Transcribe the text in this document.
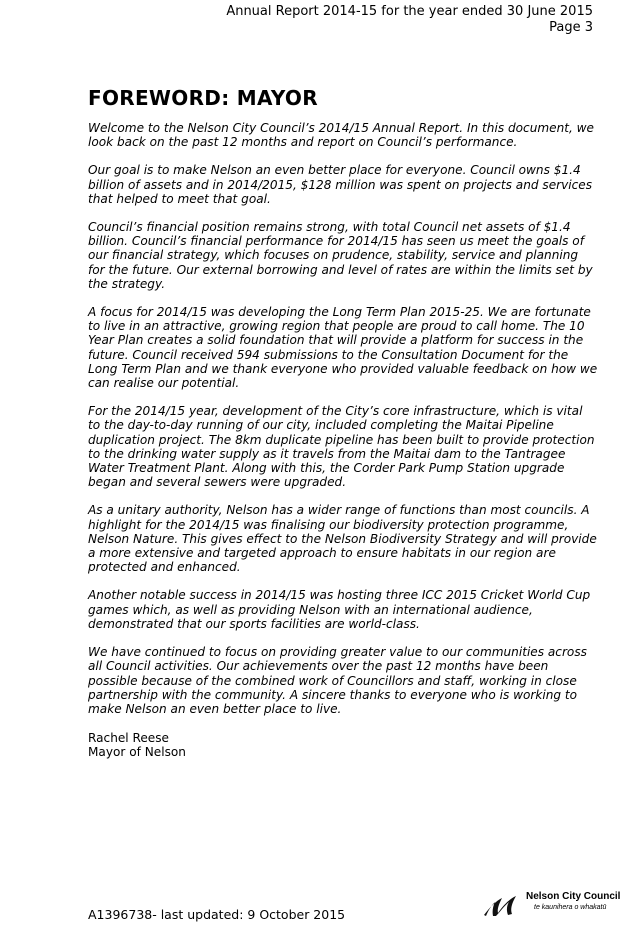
Annual Report 2014-15 for the year ended 30 June 2015
Page 3
FOREWORD: MAYOR

Welcome to the Nelson City Council’s 2014/15 Annual Report. In this document, we look back on the past 12 months and report on Council’s performance.

Our goal is to make Nelson an even better place for everyone. Council owns $1.4 billion of assets and in 2014/2015, $128 million was spent on projects and services that helped to meet that goal.

Council’s financial position remains strong, with total Council net assets of $1.4 billion. Council’s financial performance for 2014/15 has seen us meet the goals of our financial strategy, which focuses on prudence, stability, service and planning for the future. Our external borrowing and level of rates are within the limits set by the strategy.

A focus for 2014/15 was developing the Long Term Plan 2015-25. We are fortunate to live in an attractive, growing region that people are proud to call home. The 10 Year Plan creates a solid foundation that will provide a platform for success in the future. Council received 594 submissions to the Consultation Document for the Long Term Plan and we thank everyone who provided valuable feedback on how we can realise our potential.

For the 2014/15 year, development of the City’s core infrastructure, which is vital to the day-to-day running of our city, included completing the Maitai Pipeline duplication project. The 8km duplicate pipeline has been built to provide protection to the drinking water supply as it travels from the Maitai dam to the Tantragee Water Treatment Plant. Along with this, the Corder Park Pump Station upgrade began and several sewers were upgraded.

As a unitary authority, Nelson has a wider range of functions than most councils. A highlight for the 2014/15 was finalising our biodiversity protection programme, Nelson Nature. This gives effect to the Nelson Biodiversity Strategy and will provide a more extensive and targeted approach to ensure habitats in our region are protected and enhanced.

Another notable success in 2014/15 was hosting three ICC 2015 Cricket World Cup games which, as well as providing Nelson with an international audience, demonstrated that our sports facilities are world-class.

We have continued to focus on providing greater value to our communities across all Council activities. Our achievements over the past 12 months have been possible because of the combined work of Councillors and staff, working in close partnership with the community. A sincere thanks to everyone who is working to make Nelson an even better place to live.

Rachel Reese
Mayor of Nelson
A1396738- last updated: 9 October 2015
Nelson City Council
te kaunihera o whakatū
